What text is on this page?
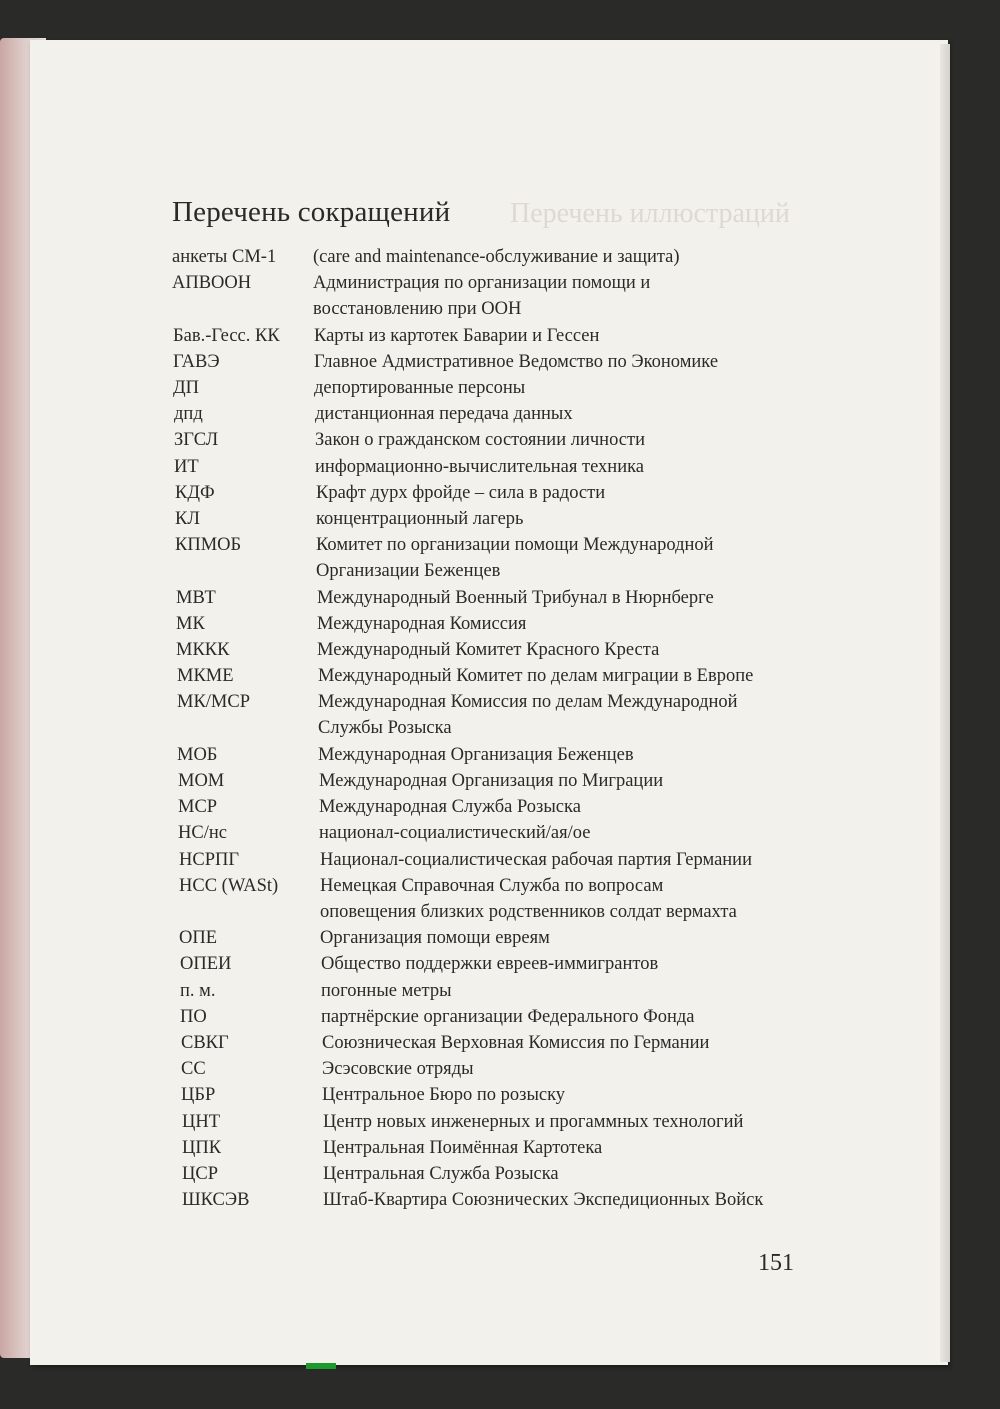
Перечень иллюстраций
Перечень сокращений
анкеты CM-1 (care and maintenance-обслуживание и защита)
АПВООН	Администрация по организации помощи и
восстановлению при ООН
Бав.-Гесс. КК Карты из картотек Баварии и Гессен
ГАВЭ	Главное Адмистративное Ведомство по Экономике
ДП	депортированные персоны
дпд	дистанционная передача данных
ЗГСЛ	Закон о гражданском состоянии личности
ИТ	информационно-вычислительная техника
КДФ	Крафт дурх фройде – сила в радости
КЛ	концентрационный лагерь
КПМОБ	Комитет по организации помощи Международной
Организации Беженцев
МВТ	Международный Военный Трибунал в Нюрнберге
МК	Международная Комиссия
МККК	Международный Комитет Красного Креста
МКМЕ	Международный Комитет по делам миграции в Европе
МК/МСР	Международная Комиссия по делам Международной
Службы Розыска
МОБ	Международная Организация Беженцев
МОМ	Международная Организация по Миграции
МСР	Международная Служба Розыска
НС/нс	национал-социалистический/ая/ое
НСРПГ	Национал-социалистическая рабочая партия Германии
НСС (WASt) Немецкая Справочная Служба по вопросам
оповещения близких родственников солдат вермахта
ОПЕ	Организация помощи евреям
ОПЕИ	Общество поддержки евреев-иммигрантов
п. м.	погонные метры
ПО	партнёрские организации Федерального Фонда
СВКГ	Союзническая Верховная Комиссия по Германии
СС	Эсэсовские отряды
ЦБР	Центральное Бюро по розыску
ЦНТ	Центр новых инженерных и прогаммных технологий
ЦПК	Центральная Поимённая Картотека
ЦСР	Центральная Служба Розыска
ШКСЭВ	Штаб-Квартира Союзнических Экспедиционных Войск
151
